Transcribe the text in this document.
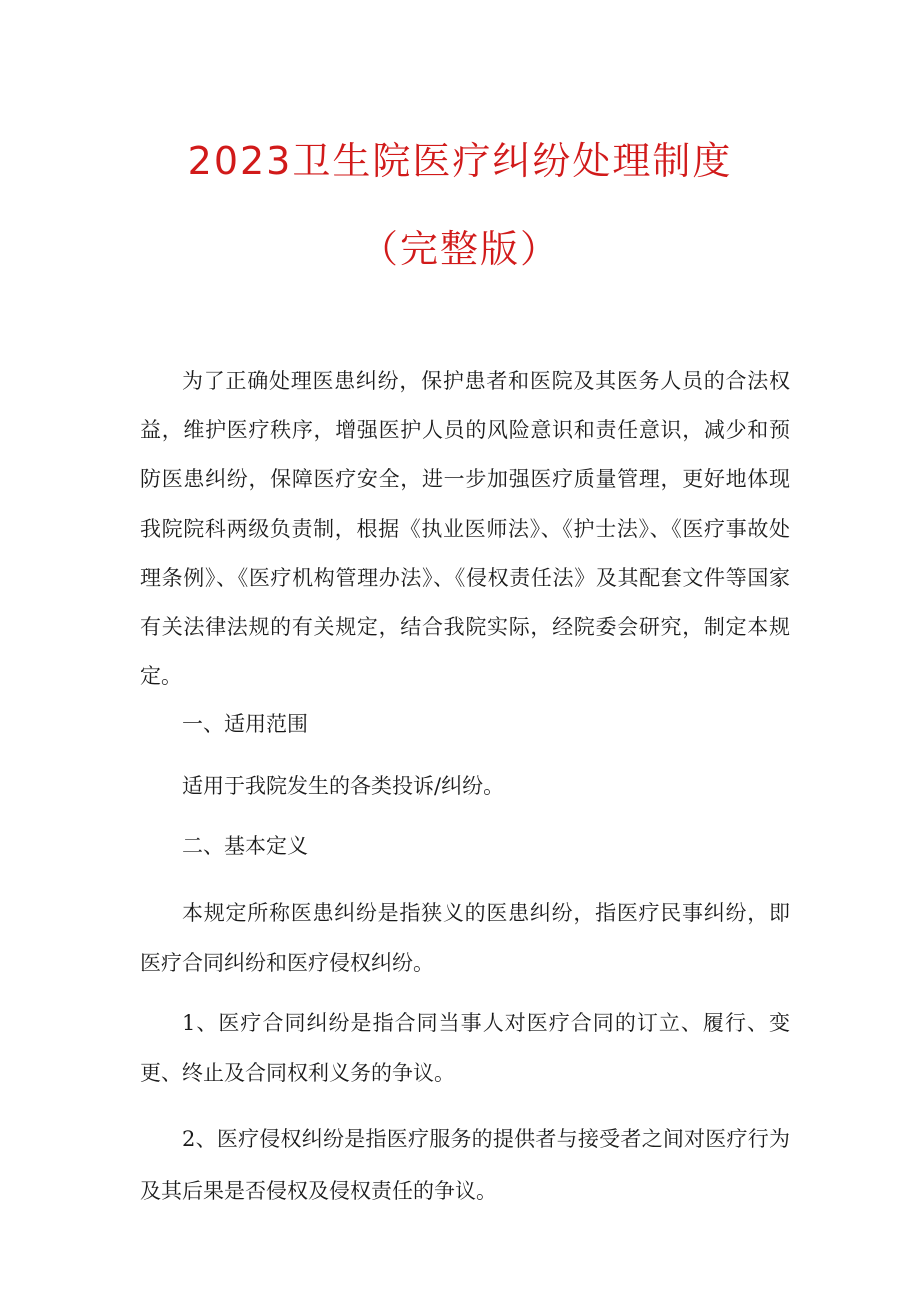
2023卫生院医疗纠纷处理制度
（完整版）

为了正确处理医患纠纷，保护患者和医院及其医务人员的合法权益，维护医疗秩序，增强医护人员的风险意识和责任意识，减少和预防医患纠纷，保障医疗安全，进一步加强医疗质量管理，更好地体现我院院科两级负责制，根据《执业医师法》、《护士法》、《医疗事故处理条例》、《医疗机构管理办法》、《侵权责任法》及其配套文件等国家有关法律法规的有关规定，结合我院实际，经院委会研究，制定本规定。

一、适用范围

适用于我院发生的各类投诉/纠纷。

二、基本定义

本规定所称医患纠纷是指狭义的医患纠纷，指医疗民事纠纷，即医疗合同纠纷和医疗侵权纠纷。

1、医疗合同纠纷是指合同当事人对医疗合同的订立、履行、变更、终止及合同权利义务的争议。

2、医疗侵权纠纷是指医疗服务的提供者与接受者之间对医疗行为及其后果是否侵权及侵权责任的争议。
